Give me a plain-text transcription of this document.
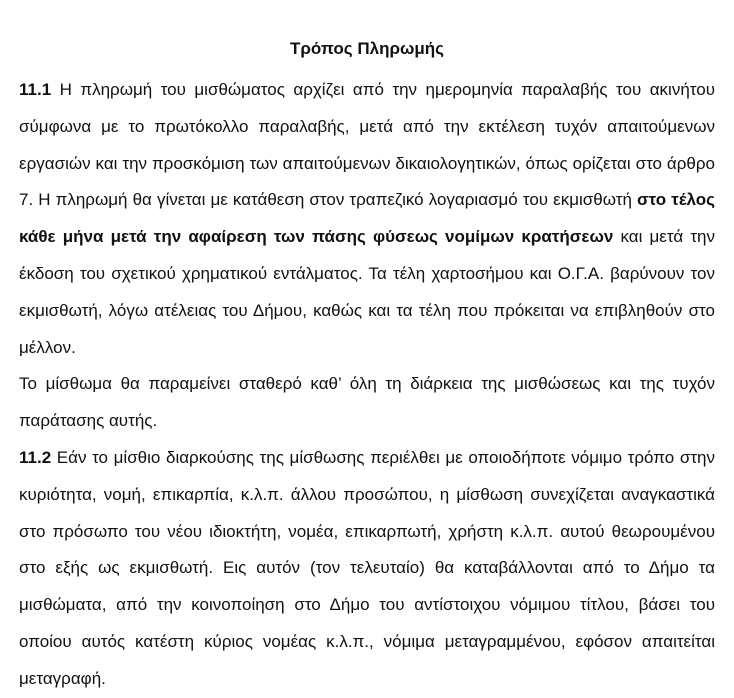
Τρόπος Πληρωμής

11.1 Η πληρωμή του μισθώματος αρχίζει από την ημερομηνία παραλαβής του ακινήτου σύμφωνα με το πρωτόκολλο παραλαβής, μετά από την εκτέλεση τυχόν απαιτούμενων εργασιών και την προσκόμιση των απαιτούμενων δικαιολογητικών, όπως ορίζεται στο άρθρο 7. Η πληρωμή θα γίνεται με κατάθεση στον τραπεζικό λογαριασμό του εκμισθωτή στο τέλος κάθε μήνα μετά την αφαίρεση των πάσης φύσεως νομίμων κρατήσεων και μετά την έκδοση του σχετικού χρηματικού εντάλματος. Τα τέλη χαρτοσήμου και Ο.Γ.Α. βαρύνουν τον εκμισθωτή, λόγω ατέλειας του Δήμου, καθώς και τα τέλη που πρόκειται να επιβληθούν στο μέλλον.

Το μίσθωμα θα παραμείνει σταθερό καθ’ όλη τη διάρκεια της μισθώσεως και της τυχόν παράτασης αυτής.

11.2 Εάν το μίσθιο διαρκούσης της μίσθωσης περιέλθει με οποιοδήποτε νόμιμο τρόπο στην κυριότητα, νομή, επικαρπία, κ.λ.π. άλλου προσώπου, η μίσθωση συνεχίζεται αναγκαστικά στο πρόσωπο του νέου ιδιοκτήτη, νομέα, επικαρπωτή, χρήστη κ.λ.π. αυτού θεωρουμένου στο εξής ως εκμισθωτή. Εις αυτόν (τον τελευταίο) θα καταβάλλονται από το Δήμο τα μισθώματα, από την κοινοποίηση στο Δήμο του αντίστοιχου νόμιμου τίτλου, βάσει του οποίου αυτός κατέστη κύριος νομέας κ.λ.π., νόμιμα μεταγραμμένου, εφόσον απαιτείται μεταγραφή.
